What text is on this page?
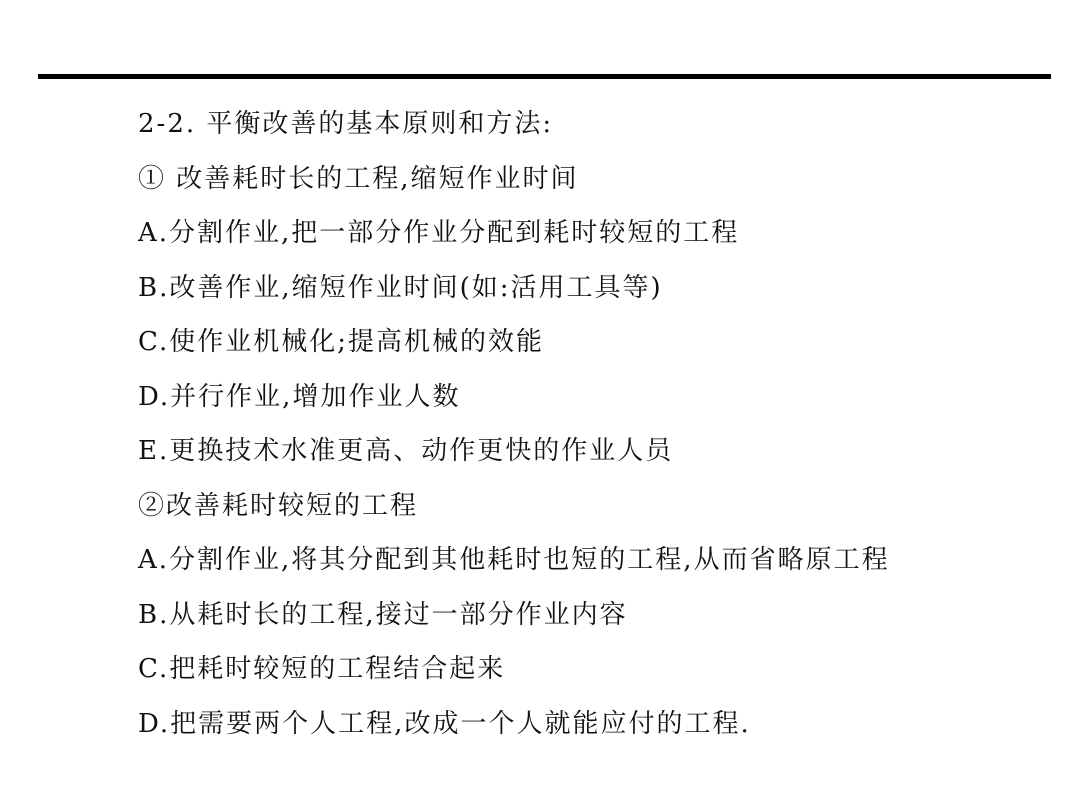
2-2. 平衡改善的基本原则和方法:
① 改善耗时长的工程,缩短作业时间
A.分割作业,把一部分作业分配到耗时较短的工程
B.改善作业,缩短作业时间(如:活用工具等)
C.使作业机械化;提高机械的效能
D.并行作业,增加作业人数
E.更换技术水准更高、动作更快的作业人员
②改善耗时较短的工程
A.分割作业,将其分配到其他耗时也短的工程,从而省略原工程
B.从耗时长的工程,接过一部分作业内容
C.把耗时较短的工程结合起来
D.把需要两个人工程,改成一个人就能应付的工程.
